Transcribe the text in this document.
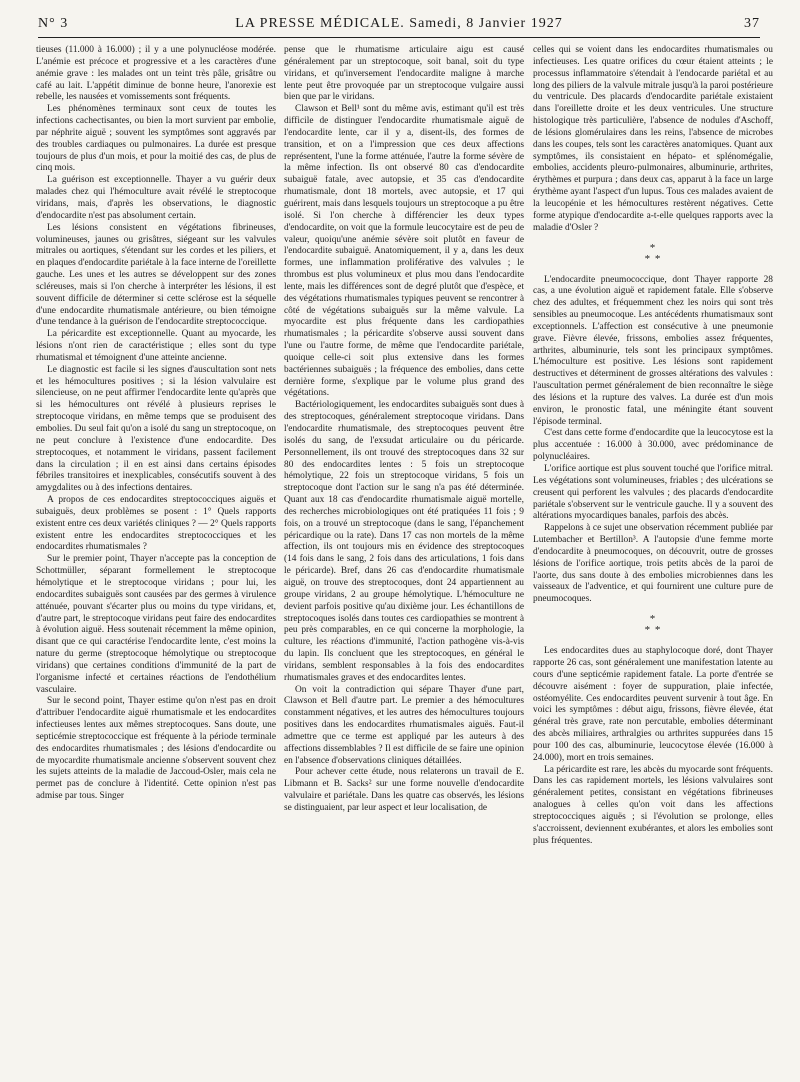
N° 3	LA PRESSE MÉDICALE. Samedi, 8 Janvier 1927	37

tieuses (11.000 à 16.000) ; il y a une polynucléose modérée. L'anémie est précoce et progressive et a les caractères d'une anémie grave : les malades ont un teint très pâle, grisâtre ou café au lait. L'appétit diminue de bonne heure, l'anorexie est rebelle, les nausées et vomissements sont fréquents.

Les phénomènes terminaux sont ceux de toutes les infections cachectisantes, ou bien la mort survient par embolie, par néphrite aiguë ; souvent les symptômes sont aggravés par des troubles cardiaques ou pulmonaires. La durée est presque toujours de plus d'un mois, et pour la moitié des cas, de plus de cinq mois.

La guérison est exceptionnelle. Thayer a vu guérir deux malades chez qui l'hémoculture avait révélé le streptocoque viridans, mais, d'après les observations, le diagnostic d'endocardite n'est pas absolument certain.

Les lésions consistent en végétations fibrineuses, volumineuses, jaunes ou grisâtres, siégeant sur les valvules mitrales ou aortiques, s'étendant sur les cordes et les piliers, et en plaques d'endocardite pariétale à la face interne de l'oreillette gauche. Les unes et les autres se développent sur des zones scléreuses, mais si l'on cherche à interpréter les lésions, il est souvent difficile de déterminer si cette sclérose est la séquelle d'une endocardite rhumatismale antérieure, ou bien témoigne d'une tendance à la guérison de l'endocardite streptococcique.

La péricardite est exceptionnelle. Quant au myocarde, les lésions n'ont rien de caractéristique ; elles sont du type rhumatismal et témoignent d'une atteinte ancienne.

Le diagnostic est facile si les signes d'auscultation sont nets et les hémocultures positives ; si la lésion valvulaire est silencieuse, on ne peut affirmer l'endocardite lente qu'après que si les hémocultures ont révélé à plusieurs reprises le streptocoque viridans, en même temps que se produisent des embolies. Du seul fait qu'on a isolé du sang un streptocoque, on ne peut conclure à l'existence d'une endocardite. Des streptocoques, et notamment le viridans, passent facilement dans la circulation ; il en est ainsi dans certains épisodes fébriles transitoires et inexplicables, consécutifs souvent à des amygdalites ou à des infections dentaires.

A propos de ces endocardites streptococciques aiguës et subaiguës, deux problèmes se posent : 1° Quels rapports existent entre ces deux variétés cliniques ? — 2° Quels rapports existent entre les endocardites streptococciques et les endocardites rhumatismales ?

Sur le premier point, Thayer n'accepte pas la conception de Schottmüller, séparant formellement le streptocoque hémolytique et le streptocoque viridans ; pour lui, les endocardites subaiguës sont causées par des germes à virulence atténuée, pouvant s'écarter plus ou moins du type viridans, et, d'autre part, le streptocoque viridans peut faire des endocardites à évolution aiguë. Hess soutenait récemment la même opinion, disant que ce qui caractérise l'endocardite lente, c'est moins la nature du germe (streptocoque hémolytique ou streptocoque viridans) que certaines conditions d'immunité de la part de l'organisme infecté et certaines réactions de l'endothélium vasculaire.

Sur le second point, Thayer estime qu'on n'est pas en droit d'attribuer l'endocardite aiguë rhumatismale et les endocardites infectieuses lentes aux mêmes streptocoques. Sans doute, une septicémie streptococcique est fréquente à la période terminale des endocardites rhumatismales ; des lésions d'endocardite ou de myocardite rhumatismale ancienne s'observent souvent chez les sujets atteints de la maladie de Jaccoud-Osler, mais cela ne permet pas de conclure à l'identité. Cette opinion n'est pas admise par tous. Singer

pense que le rhumatisme articulaire aigu est causé généralement par un streptocoque, soit banal, soit du type viridans, et qu'inversement l'endocardite maligne à marche lente peut être provoquée par un streptocoque vulgaire aussi bien que par le viridans.

Clawson et Bell¹ sont du même avis, estimant qu'il est très difficile de distinguer l'endocardite rhumatismale aiguë de l'endocardite lente, car il y a, disent-ils, des formes de transition, et on a l'impression que ces deux affections représentent, l'une la forme atténuée, l'autre la forme sévère de la même infection. Ils ont observé 80 cas d'endocardite subaiguë fatale, avec autopsie, et 35 cas d'endocardite rhumatismale, dont 18 mortels, avec autopsie, et 17 qui guérirent, mais dans lesquels toujours un streptocoque a pu être isolé. Si l'on cherche à différencier les deux types d'endocardite, on voit que la formule leucocytaire est de peu de valeur, quoiqu'une anémie sévère soit plutôt en faveur de l'endocardite subaiguë. Anatomiquement, il y a, dans les deux formes, une inflammation proliférative des valvules ; le thrombus est plus volumineux et plus mou dans l'endocardite lente, mais les différences sont de degré plutôt que d'espèce, et des végétations rhumatismales typiques peuvent se rencontrer à côté de végétations subaiguës sur la même valvule. La myocardite est plus fréquente dans les cardiopathies rhumatismales ; la péricardite s'observe aussi souvent dans l'une ou l'autre forme, de même que l'endocardite pariétale, quoique celle-ci soit plus extensive dans les formes bactériennes subaiguës ; la fréquence des embolies, dans cette dernière forme, s'explique par le volume plus grand des végétations.

Bactériologiquement, les endocardites subaiguës sont dues à des streptocoques, généralement streptocoque viridans. Dans l'endocardite rhumatismale, des streptocoques peuvent être isolés du sang, de l'exsudat articulaire ou du péricarde. Personnellement, ils ont trouvé des streptocoques dans 32 sur 80 des endocardites lentes : 5 fois un streptocoque hémolytique, 22 fois un streptocoque viridans, 5 fois un streptocoque dont l'action sur le sang n'a pas été déterminée. Quant aux 18 cas d'endocardite rhumatismale aiguë mortelle, des recherches microbiologiques ont été pratiquées 11 fois ; 9 fois, on a trouvé un streptocoque (dans le sang, l'épanchement péricardique ou la rate). Dans 17 cas non mortels de la même affection, ils ont toujours mis en évidence des streptocoques (14 fois dans le sang, 2 fois dans des articulations, 1 fois dans le péricarde). Bref, dans 26 cas d'endocardite rhumatismale aiguë, on trouve des streptocoques, dont 24 appartiennent au groupe viridans, 2 au groupe hémolytique. L'hémoculture ne devient parfois positive qu'au dixième jour. Les échantillons de streptocoques isolés dans toutes ces cardiopathies se montrent à peu près comparables, en ce qui concerne la morphologie, la culture, les réactions d'immunité, l'action pathogène vis-à-vis du lapin. Ils concluent que les streptocoques, en général le viridans, semblent responsables à la fois des endocardites rhumatismales graves et des endocardites lentes.

On voit la contradiction qui sépare Thayer d'une part, Clawson et Bell d'autre part. Le premier a des hémocultures constamment négatives, et les autres des hémocultures toujours positives dans les endocardites rhumatismales aiguës. Faut-il admettre que ce terme est appliqué par les auteurs à des affections dissemblables ? Il est difficile de se faire une opinion en l'absence d'observations cliniques détaillées.

Pour achever cette étude, nous relaterons un travail de E. Libmann et B. Sacks² sur une forme nouvelle d'endocardite valvulaire et pariétale. Dans les quatre cas observés, les lésions se distinguaient, par leur aspect et leur localisation, de

celles qui se voient dans les endocardites rhumatismales ou infectieuses. Les quatre orifices du cœur étaient atteints ; le processus inflammatoire s'étendait à l'endocarde pariétal et au long des piliers de la valvule mitrale jusqu'à la paroi postérieure du ventricule. Des placards d'endocardite pariétale existaient dans l'oreillette droite et les deux ventricules. Une structure histologique très particulière, l'absence de nodules d'Aschoff, de lésions glomérulaires dans les reins, l'absence de microbes dans les coupes, tels sont les caractères anatomiques. Quant aux symptômes, ils consistaient en hépato- et splénomégalie, embolies, accidents pleuro-pulmonaires, albuminurie, arthrites, érythèmes et purpura ; dans deux cas, apparut à la face un large érythème ayant l'aspect d'un lupus. Tous ces malades avaient de la leucopénie et les hémocultures restèrent négatives. Cette forme atypique d'endocardite a-t-elle quelques rapports avec la maladie d'Osler ?

*
* *

L'endocardite pneumococcique, dont Thayer rapporte 28 cas, a une évolution aiguë et rapidement fatale. Elle s'observe chez des adultes, et fréquemment chez les noirs qui sont très sensibles au pneumocoque. Les antécédents rhumatismaux sont exceptionnels. L'affection est consécutive à une pneumonie grave. Fièvre élevée, frissons, embolies assez fréquentes, arthrites, albuminurie, tels sont les principaux symptômes. L'hémoculture est positive. Les lésions sont rapidement destructives et déterminent de grosses altérations des valvules : l'auscultation permet généralement de bien reconnaître le siège des lésions et la rupture des valves. La durée est d'un mois environ, le pronostic fatal, une méningite étant souvent l'épisode terminal.

C'est dans cette forme d'endocardite que la leucocytose est la plus accentuée : 16.000 à 30.000, avec prédominance de polynucléaires.

L'orifice aortique est plus souvent touché que l'orifice mitral. Les végétations sont volumineuses, friables ; des ulcérations se creusent qui perforent les valvules ; des placards d'endocardite pariétale s'observent sur le ventricule gauche. Il y a souvent des altérations myocardiques banales, parfois des abcès.

Rappelons à ce sujet une observation récemment publiée par Lutembacher et Bertillon³. A l'autopsie d'une femme morte d'endocardite à pneumocoques, on découvrit, outre de grosses lésions de l'orifice aortique, trois petits abcès de la paroi de l'aorte, dus sans doute à des embolies microbiennes dans les vaisseaux de l'adventice, et qui fournirent une culture pure de pneumocoques.

*
* *

Les endocardites dues au staphylocoque doré, dont Thayer rapporte 26 cas, sont généralement une manifestation latente au cours d'une septicémie rapidement fatale. La porte d'entrée se découvre aisément : foyer de suppuration, plaie infectée, ostéomyélite. Ces endocardites peuvent survenir à tout âge. En voici les symptômes : début aigu, frissons, fièvre élevée, état général très grave, rate non percutable, embolies déterminant des abcès miliaires, arthralgies ou arthrites suppurées dans 15 pour 100 des cas, albuminurie, leucocytose élevée (16.000 à 24.000), mort en trois semaines.

La péricardite est rare, les abcès du myocarde sont fréquents. Dans les cas rapidement mortels, les lésions valvulaires sont généralement petites, consistant en végétations fibrineuses analogues à celles qu'on voit dans les affections streptococciques aiguës ; si l'évolution se prolonge, elles s'accroissent, deviennent exubérantes, et alors les embolies sont plus fréquentes.
